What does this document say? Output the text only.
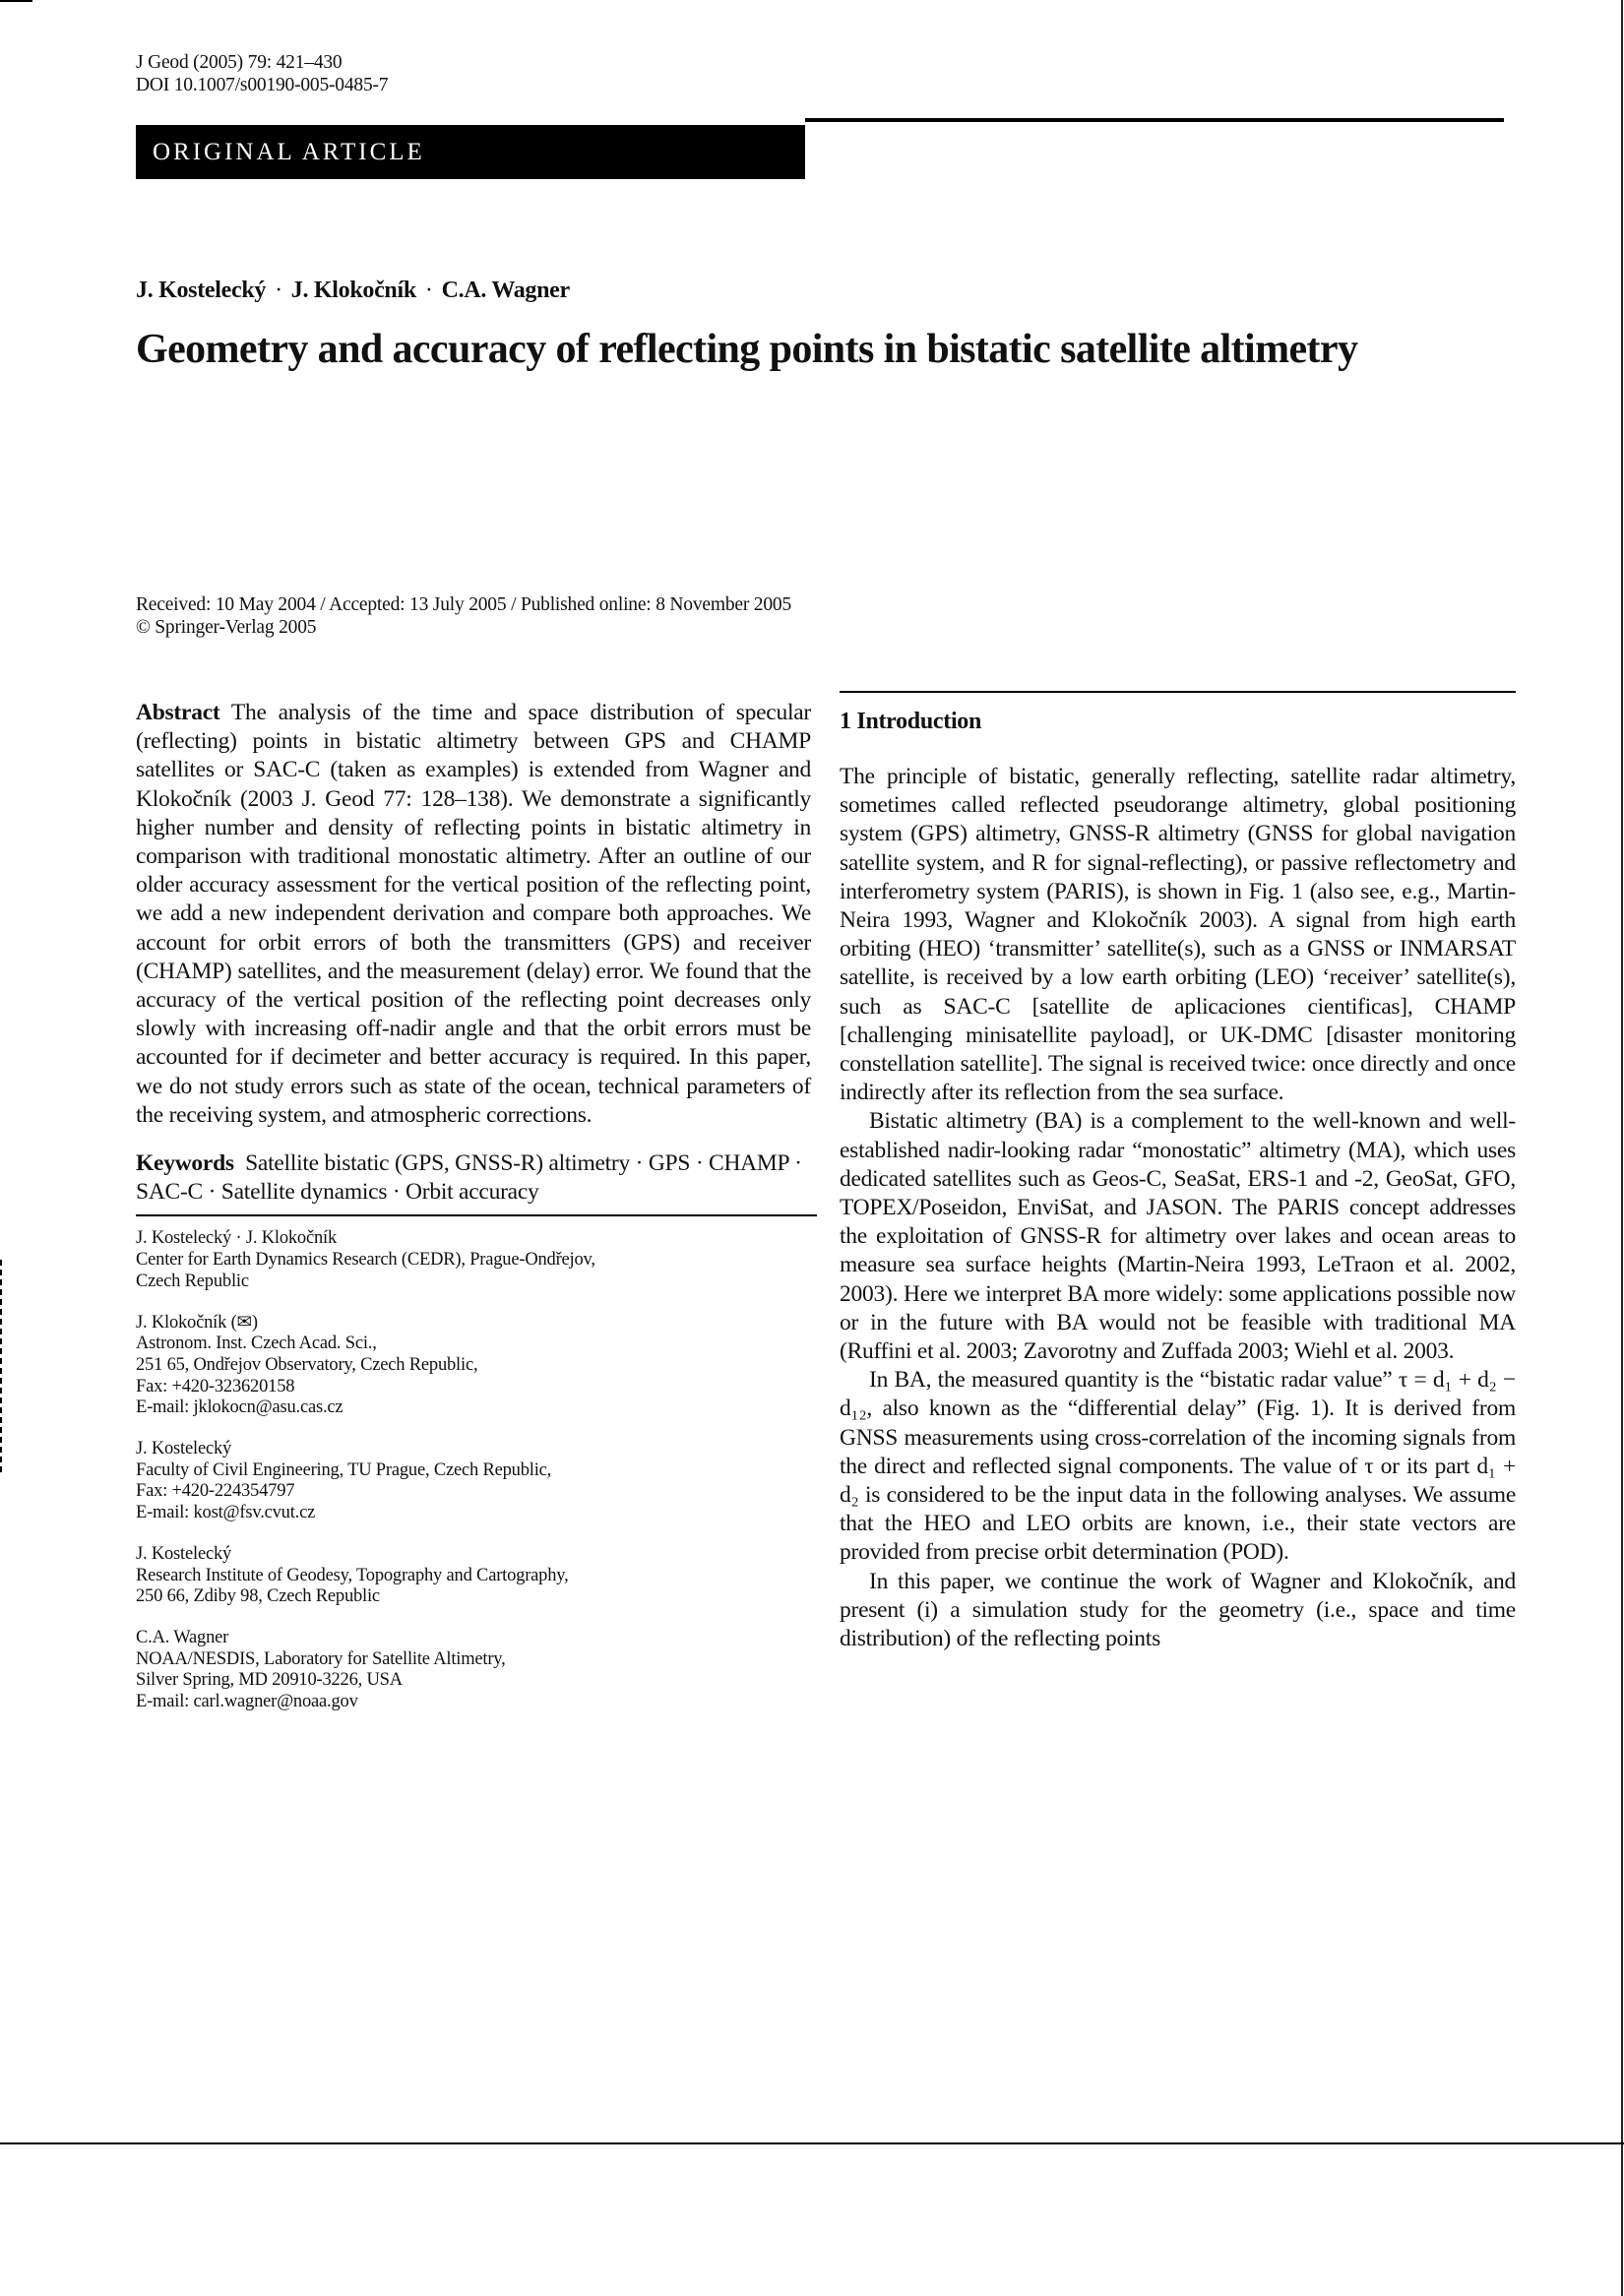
J Geod (2005) 79: 421–430
DOI 10.1007/s00190-005-0485-7
ORIGINAL ARTICLE
J. Kostelecký · J. Klokočník · C.A. Wagner
Geometry and accuracy of reflecting points in bistatic satellite altimetry
Received: 10 May 2004 / Accepted: 13 July 2005 / Published online: 8 November 2005
© Springer-Verlag 2005

Abstract The analysis of the time and space distribution of specular (reflecting) points in bistatic altimetry between GPS and CHAMP satellites or SAC-C (taken as examples) is extended from Wagner and Klokočník (2003 J. Geod 77: 128–138). We demonstrate a significantly higher number and density of reflecting points in bistatic altimetry in comparison with traditional monostatic altimetry. After an outline of our older accuracy assessment for the vertical position of the reflecting point, we add a new independent derivation and compare both approaches. We account for orbit errors of both the transmitters (GPS) and receiver (CHAMP) satellites, and the measurement (delay) error. We found that the accuracy of the vertical position of the reflecting point decreases only slowly with increasing off-nadir angle and that the orbit errors must be accounted for if decimeter and better accuracy is required. In this paper, we do not study errors such as state of the ocean, technical parameters of the receiving system, and atmospheric corrections.

Keywords Satellite bistatic (GPS, GNSS-R) altimetry · GPS · CHAMP · SAC-C · Satellite dynamics · Orbit accuracy

J. Kostelecký · J. Klokočník
Center for Earth Dynamics Research (CEDR), Prague-Ondřejov,
Czech Republic
J. Klokočník (✉)
Astronom. Inst. Czech Acad. Sci.,
251 65, Ondřejov Observatory, Czech Republic,
Fax: +420-323620158
E-mail: jklokocn@asu.cas.cz
J. Kostelecký
Faculty of Civil Engineering, TU Prague, Czech Republic,
Fax: +420-224354797
E-mail: kost@fsv.cvut.cz
J. Kostelecký
Research Institute of Geodesy, Topography and Cartography,
250 66, Zdiby 98, Czech Republic
C.A. Wagner
NOAA/NESDIS, Laboratory for Satellite Altimetry,
Silver Spring, MD 20910-3226, USA
E-mail: carl.wagner@noaa.gov
1 Introduction

The principle of bistatic, generally reflecting, satellite radar altimetry, sometimes called reflected pseudorange altimetry, global positioning system (GPS) altimetry, GNSS-R altimetry (GNSS for global navigation satellite system, and R for signal-reflecting), or passive reflectometry and interferometry system (PARIS), is shown in Fig. 1 (also see, e.g., Martin-Neira 1993, Wagner and Klokočník 2003). A signal from high earth orbiting (HEO) ‘transmitter’ satellite(s), such as a GNSS or INMARSAT satellite, is received by a low earth orbiting (LEO) ‘receiver’ satellite(s), such as SAC-C [satellite de aplicaciones cientificas], CHAMP [challenging minisatellite payload], or UK-DMC [disaster monitoring constellation satellite]. The signal is received twice: once directly and once indirectly after its reflection from the sea surface.

Bistatic altimetry (BA) is a complement to the well-known and well-established nadir-looking radar “monostatic” altimetry (MA), which uses dedicated satellites such as Geos-C, SeaSat, ERS-1 and -2, GeoSat, GFO, TOPEX/Poseidon, EnviSat, and JASON. The PARIS concept addresses the exploitation of GNSS-R for altimetry over lakes and ocean areas to measure sea surface heights (Martin-Neira 1993, LeTraon et al. 2002, 2003). Here we interpret BA more widely: some applications possible now or in the future with BA would not be feasible with traditional MA (Ruffini et al. 2003; Zavorotny and Zuffada 2003; Wiehl et al. 2003.

In BA, the measured quantity is the “bistatic radar value” τ = d₁ + d₂ − d₁₂, also known as the “differential delay” (Fig. 1). It is derived from GNSS measurements using cross-correlation of the incoming signals from the direct and reflected signal components. The value of τ or its part d₁ + d₂ is considered to be the input data in the following analyses. We assume that the HEO and LEO orbits are known, i.e., their state vectors are provided from precise orbit determination (POD).

In this paper, we continue the work of Wagner and Klokočník, and present (i) a simulation study for the geometry (i.e., space and time distribution) of the reflecting points
